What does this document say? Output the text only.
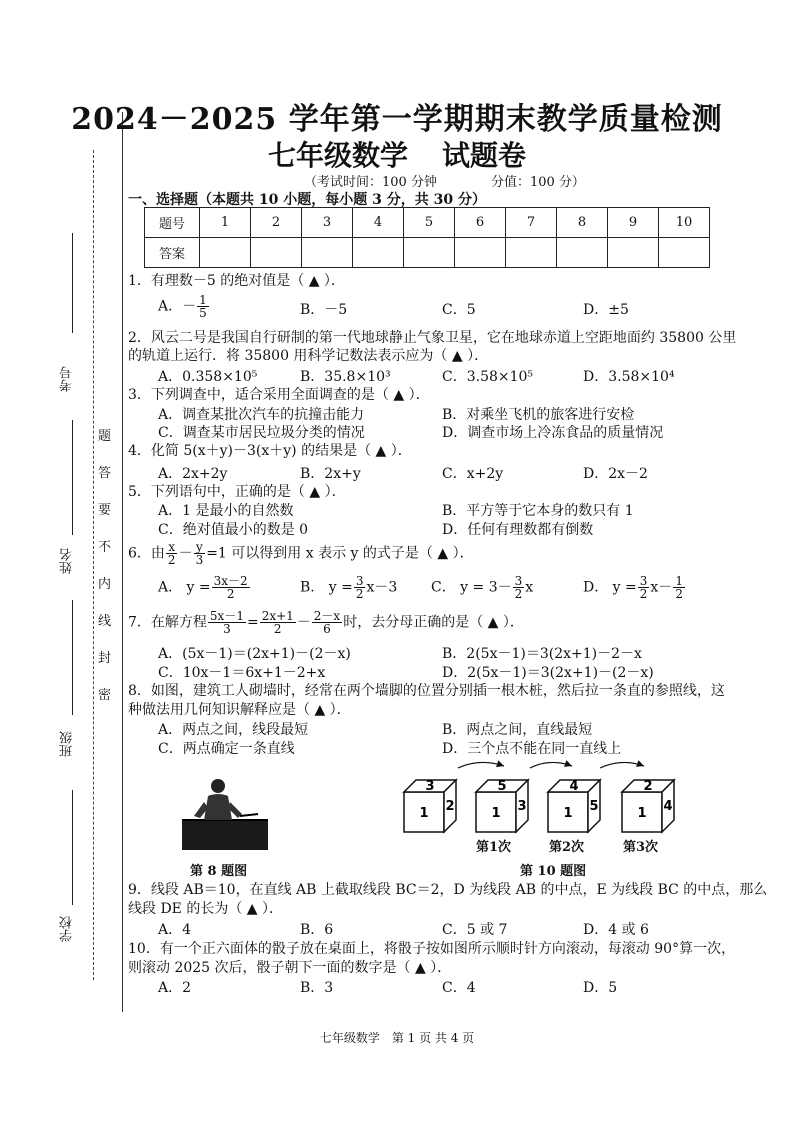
考号
姓名
班级
学校
题
答
要
不
内
线
封
密
2024－2025 学年第一学期期末教学质量检测
七年级数学 试题卷
（考试时间：100 分钟	分值：100 分）
一、选择题（本题共 10 小题，每小题 3 分，共 30 分）
题号	1	2	3	4	5	6	7	8	9	10
答案										
1．有理数－5 的绝对值是（ ▲ ）．
A．－ $\frac{1}{5}$	B．－5	C．5	D．±5
2．风云二号是我国自行研制的第一代地球静止气象卫星，它在地球赤道上空距地面约 35800 公里
的轨道上运行．将 35800 用科学记数法表示应为（ ▲ ）．
A．0.358×10⁵	B．35.8×10³	C．3.58×10⁵	D．3.58×10⁴
3．下列调查中，适合采用全面调查的是（ ▲ ）．
A．调查某批次汽车的抗撞击能力	B．对乘坐飞机的旅客进行安检
C．调查某市居民垃圾分类的情况	D．调查市场上冷冻食品的质量情况
4．化简 5(x＋y)－3(x＋y) 的结果是（ ▲ ）．
A．2x+2y	B．2x+y	C．x+2y	D．2x－2
5．下列语句中，正确的是（ ▲ ）．
A．1 是最小的自然数	B．平方等于它本身的数只有 1
C．绝对值最小的数是 0	D．任何有理数都有倒数
6．由 $\frac{x}{2} - \frac{y}{3} =1$ 可以得到用 x 表示 y 的式子是（ ▲ ）．
A． $y = \frac{3x-2}{2}$	B． $y = \frac{3}{2} x-3$ C． $y = 3- \frac{3}{2}$ x	D． $y = \frac{3}{2} x- \frac{1}{2}$
7．在解方程 $\frac{5x-1}{3} = \frac{2x+1}{2} - \frac{2-x}{6}$ 时，去分母正确的是（ ▲ ）．
A．(5x－1)＝(2x+1)－(2－x)	B．2(5x－1)＝3(2x+1)－2－x
C．10x－1＝6x+1－2+x	D．2(5x－1)＝3(2x+1)－(2－x)
8．如图，建筑工人砌墙时，经常在两个墙脚的位置分别插一根木桩，然后拉一条直的参照线，这
种做法用几何知识解释应是（ ▲ ）．
A．两点之间，线段最短	B．两点之间，直线最短
C．两点确定一条直线	D．三个点不能在同一直线上
第 8 题图
3
1 2
5
1 3
4
1 5
2
1 4
第1次	第2次	第3次
第 10 题图
9．线段 AB＝10，在直线 AB 上截取线段 BC＝2，D 为线段 AB 的中点，E 为线段 BC 的中点，那么
线段 DE 的长为（ ▲ ）．
A．4	B．6	C．5 或 7	D．4 或 6
10．有一个正六面体的骰子放在桌面上，将骰子按如图所示顺时针方向滚动，每滚动 90°算一次，
则滚动 2025 次后，骰子朝下一面的数字是（ ▲ ）．
A．2	B．3	C．4	D．5
七年级数学　第 1 页 共 4 页
